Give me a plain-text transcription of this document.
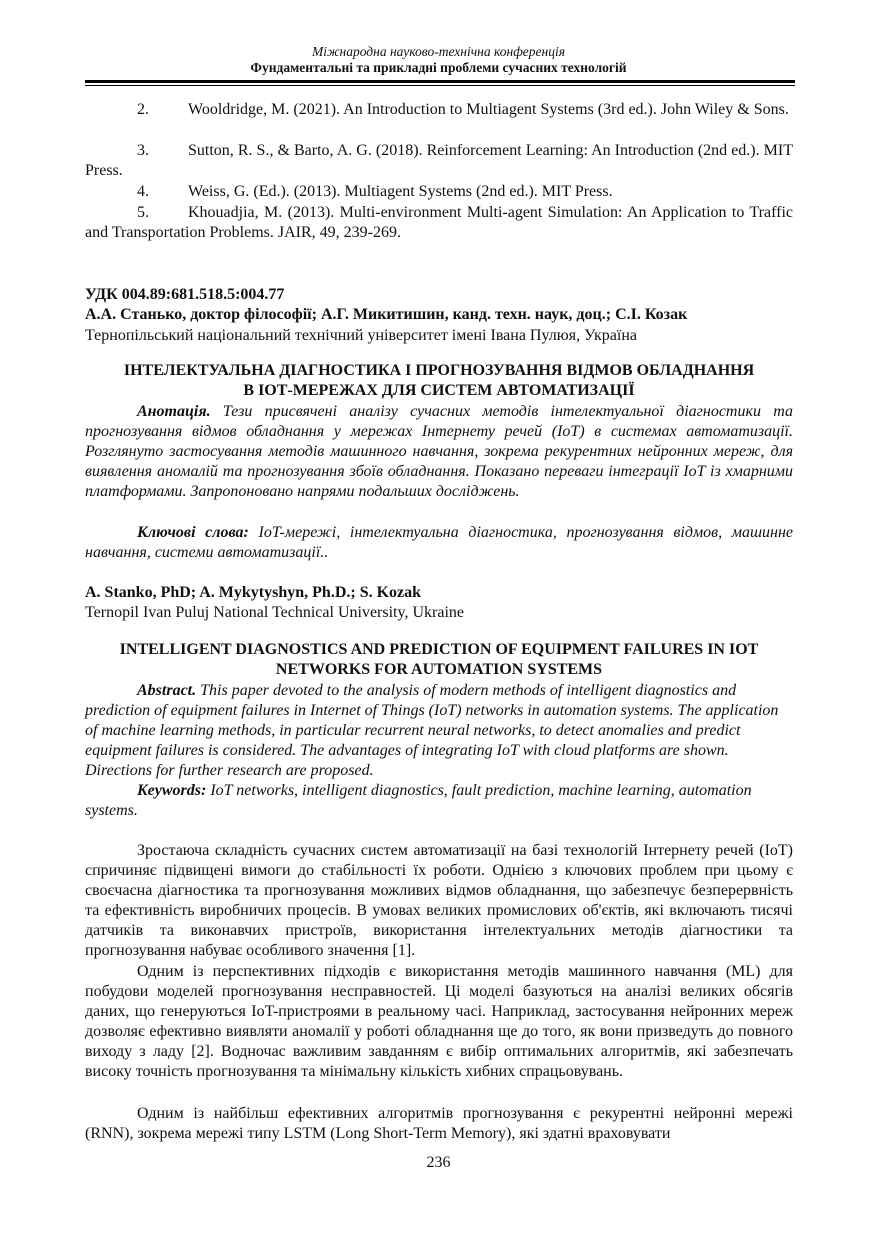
Міжнародна науково-технічна конференція
Фундаментальні та прикладні проблеми сучасних технологій
2. Wooldridge, M. (2021). An Introduction to Multiagent Systems (3rd ed.). John Wiley & Sons.
3. Sutton, R. S., & Barto, A. G. (2018). Reinforcement Learning: An Introduction (2nd ed.). MIT Press.
4. Weiss, G. (Ed.). (2013). Multiagent Systems (2nd ed.). MIT Press.
5. Khouadjia, M. (2013). Multi-environment Multi-agent Simulation: An Application to Traffic and Transportation Problems. JAIR, 49, 239-269.
УДК 004.89:681.518.5:004.77
А.А. Станько, доктор філософії; А.Г. Микитишин, канд. техн. наук, доц.; С.І. Козак
Тернопільський національний технічний університет імені Івана Пулюя, Україна
ІНТЕЛЕКТУАЛЬНА ДІАГНОСТИКА І ПРОГНОЗУВАННЯ ВІДМОВ ОБЛАДНАННЯ
В ІОТ-МЕРЕЖАХ ДЛЯ СИСТЕМ АВТОМАТИЗАЦІЇ

Анотація. Тези присвячені аналізу сучасних методів інтелектуальної діагностики та прогнозування відмов обладнання у мережах Інтернету речей (IoT) в системах автоматизації. Розглянуто застосування методів машинного навчання, зокрема рекурентних нейронних мереж, для виявлення аномалій та прогнозування збоїв обладнання. Показано переваги інтеграції IoT із хмарними платформами. Запропоновано напрями подальших досліджень.

Ключові слова: IoT-мережі, інтелектуальна діагностика, прогнозування відмов, машинне навчання, системи автоматизації..

A. Stanko, PhD; A. Mykytyshyn, Ph.D.; S. Kozak
Ternopil Ivan Puluj National Technical University, Ukraine
INTELLIGENT DIAGNOSTICS AND PREDICTION OF EQUIPMENT FAILURES IN IOT
NETWORKS FOR AUTOMATION SYSTEMS

Abstract. This paper devoted to the analysis of modern methods of intelligent diagnostics and prediction of equipment failures in Internet of Things (IoT) networks in automation systems. The application of machine learning methods, in particular recurrent neural networks, to detect anomalies and predict equipment failures is considered. The advantages of integrating IoT with cloud platforms are shown. Directions for further research are proposed.

Keywords: IoT networks, intelligent diagnostics, fault prediction, machine learning, automation systems.

Зростаюча складність сучасних систем автоматизації на базі технологій Інтернету речей (IoT) спричиняє підвищені вимоги до стабільності їх роботи. Однією з ключових проблем при цьому є своєчасна діагностика та прогнозування можливих відмов обладнання, що забезпечує безперервність та ефективність виробничих процесів. В умовах великих промислових об'єктів, які включають тисячі датчиків та виконавчих пристроїв, використання інтелектуальних методів діагностики та прогнозування набуває особливого значення [1].

Одним із перспективних підходів є використання методів машинного навчання (ML) для побудови моделей прогнозування несправностей. Ці моделі базуються на аналізі великих обсягів даних, що генеруються IoT-пристроями в реальному часі. Наприклад, застосування нейронних мереж дозволяє ефективно виявляти аномалії у роботі обладнання ще до того, як вони призведуть до повного виходу з ладу [2]. Водночас важливим завданням є вибір оптимальних алгоритмів, які забезпечать високу точність прогнозування та мінімальну кількість хибних спрацьовувань.

Одним із найбільш ефективних алгоритмів прогнозування є рекурентні нейронні мережі (RNN), зокрема мережі типу LSTM (Long Short-Term Memory), які здатні враховувати

236
